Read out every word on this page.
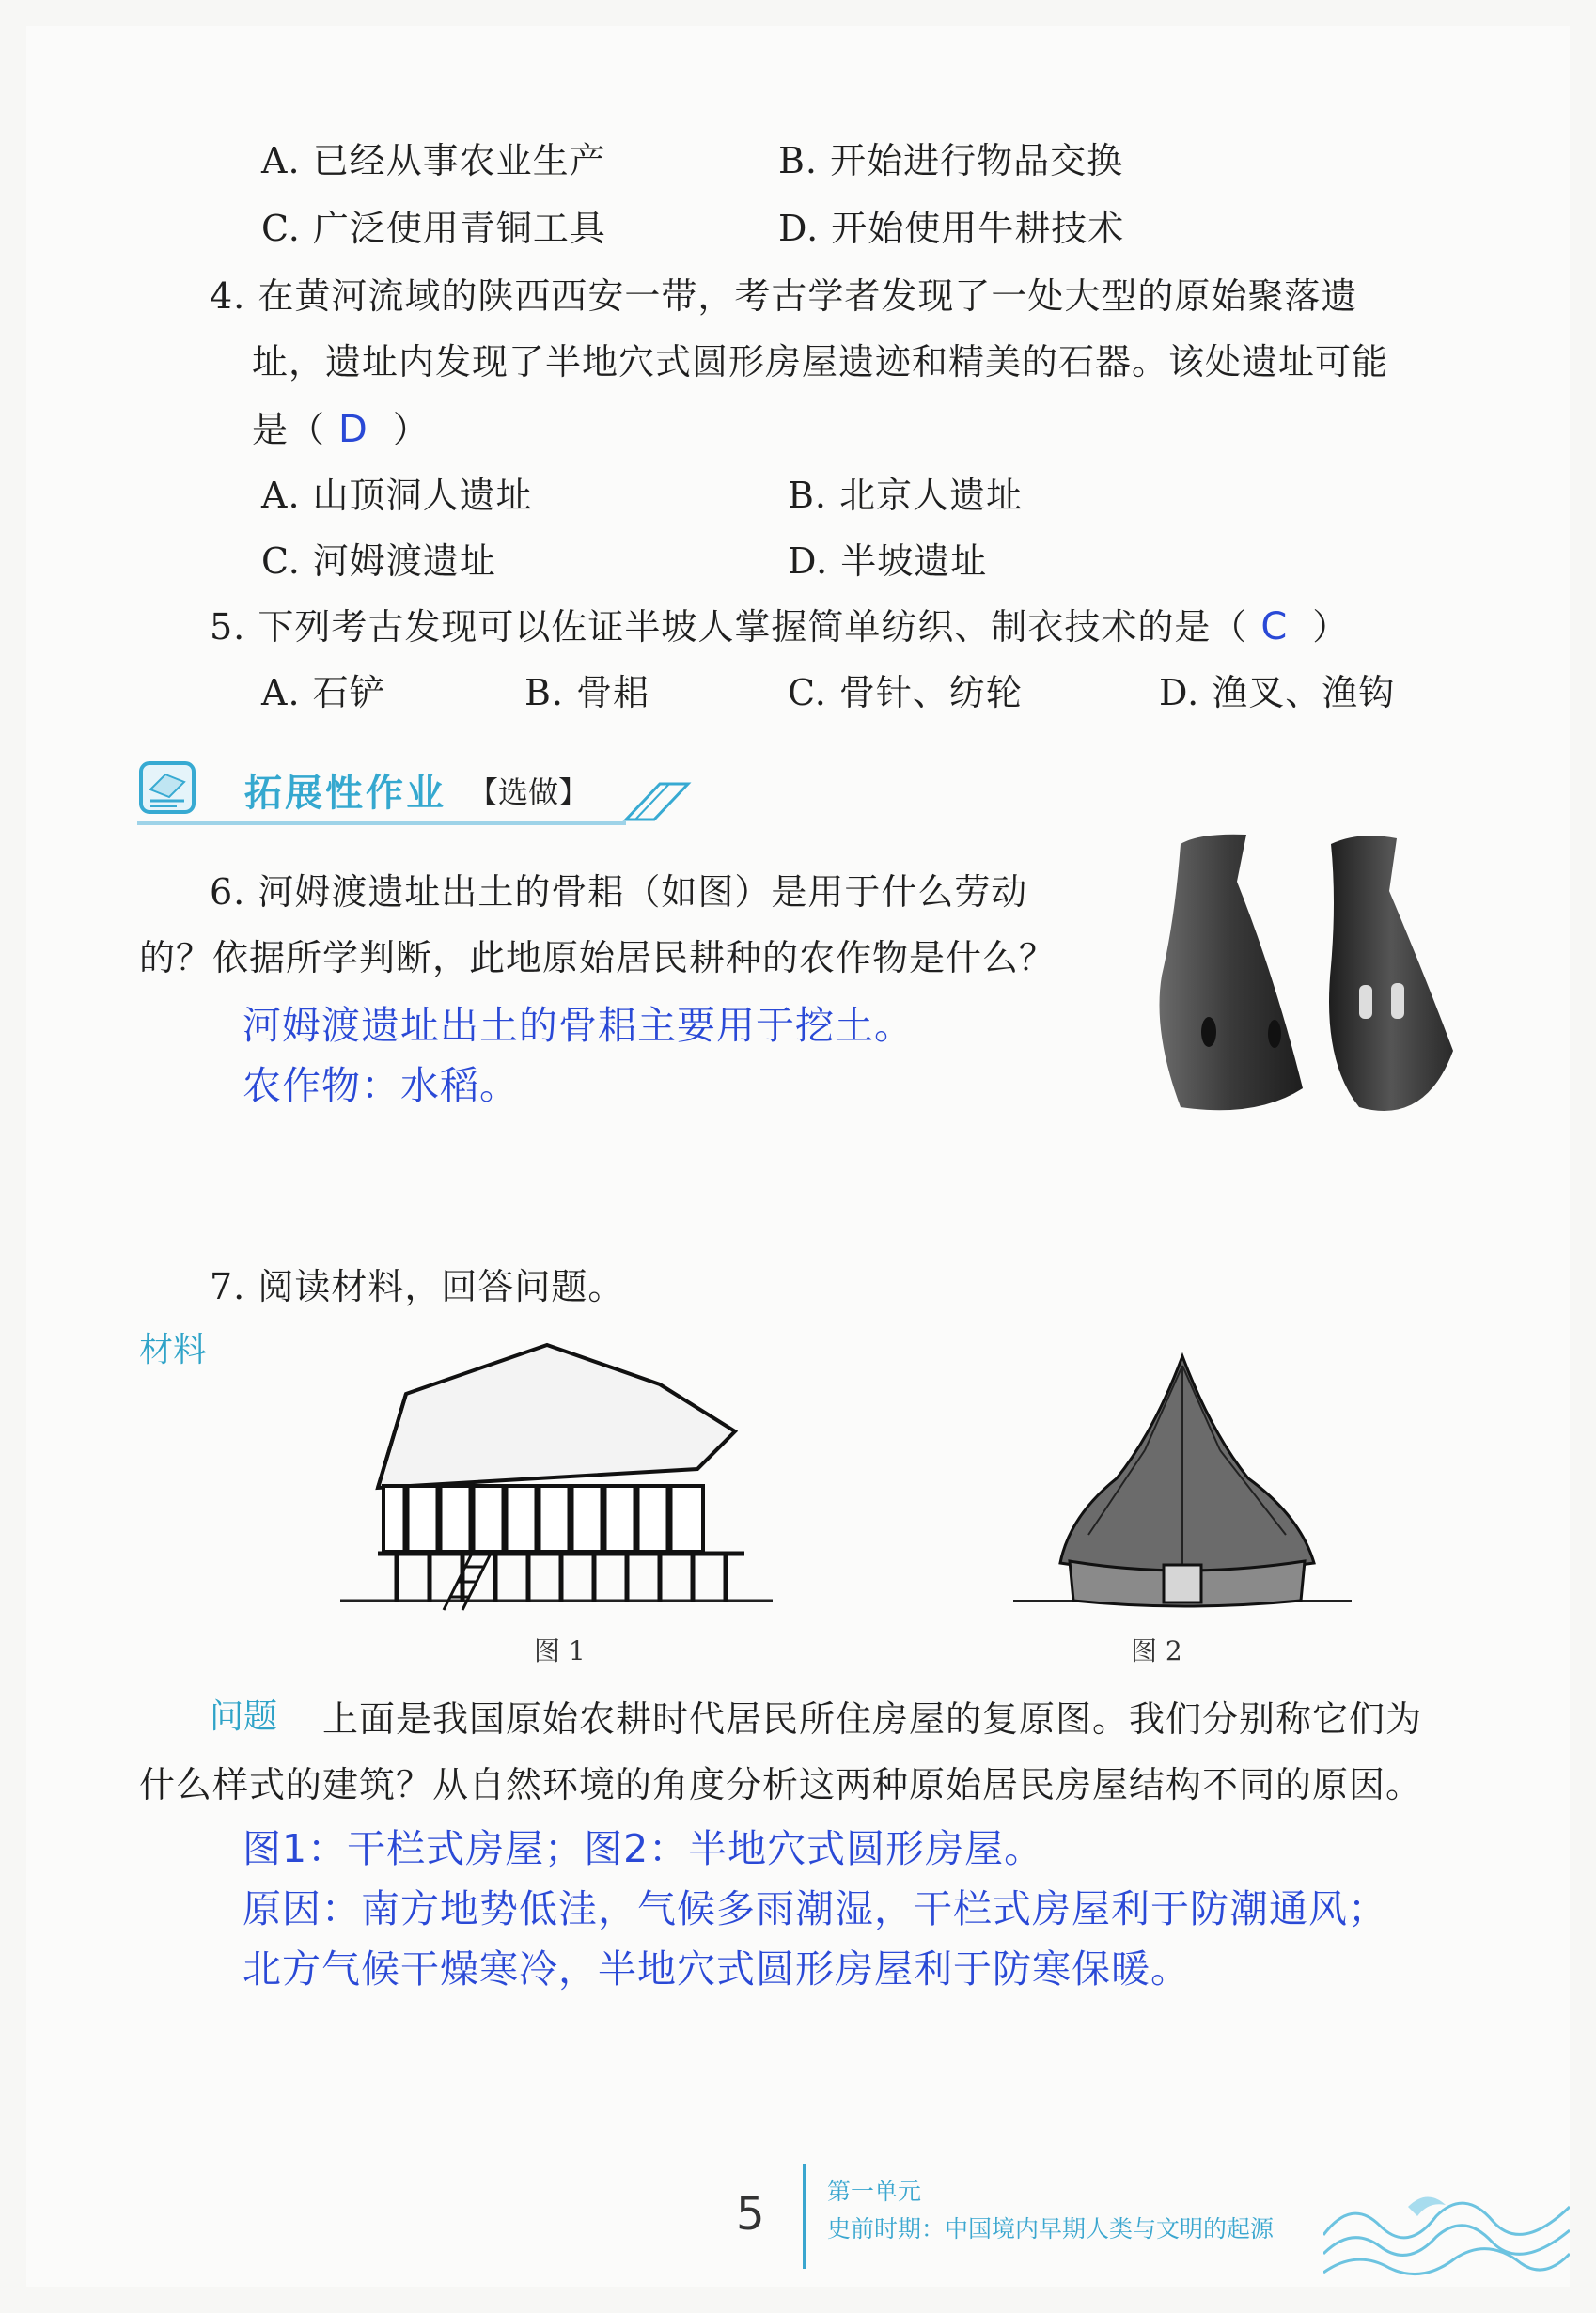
A. 已经从事农业生产	B. 开始进行物品交换
C. 广泛使用青铜工具	D. 开始使用牛耕技术
4. 在黄河流域的陕西西安一带，考古学者发现了一处大型的原始聚落遗
址，遗址内发现了半地穴式圆形房屋遗迹和精美的石器。该处遗址可能
是（ D ）
A. 山顶洞人遗址	B. 北京人遗址
C. 河姆渡遗址	D. 半坡遗址
5. 下列考古发现可以佐证半坡人掌握简单纺织、制衣技术的是（ C ）
A. 石铲	B. 骨耜	C. 骨针、纺轮	D. 渔叉、渔钩
拓展性作业 【选做】
6. 河姆渡遗址出土的骨耜（如图）是用于什么劳动
的？依据所学判断，此地原始居民耕种的农作物是什么？
河姆渡遗址出土的骨耜主要用于挖土。
农作物：水稻。
7. 阅读材料，回答问题。
材料
图 1	图 2
问题 上面是我国原始农耕时代居民所住房屋的复原图。我们分别称它们为
什么样式的建筑？从自然环境的角度分析这两种原始居民房屋结构不同的原因。
图1：干栏式房屋；图2：半地穴式圆形房屋。
原因：南方地势低洼，气候多雨潮湿，干栏式房屋利于防潮通风；
北方气候干燥寒冷，半地穴式圆形房屋利于防寒保暖。
5	第一单元
史前时期：中国境内早期人类与文明的起源
